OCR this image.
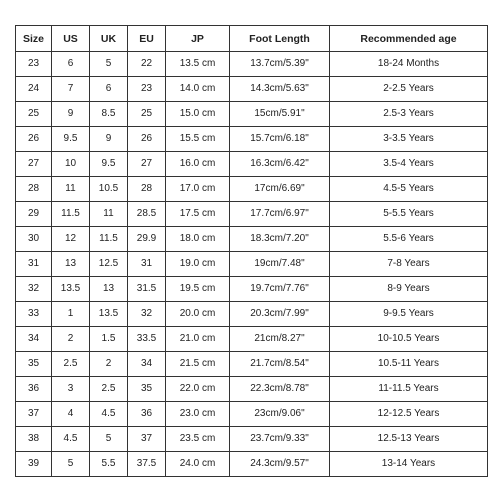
Size	US	UK	EU	JP	Foot Length	Recommended age
23	6	5	22	13.5 cm	13.7cm/5.39"	18-24 Months
24	7	6	23	14.0 cm	14.3cm/5.63"	2-2.5 Years
25	9	8.5	25	15.0 cm	15cm/5.91"	2.5-3 Years
26	9.5	9	26	15.5 cm	15.7cm/6.18"	3-3.5 Years
27	10	9.5	27	16.0 cm	16.3cm/6.42"	3.5-4 Years
28	11	10.5	28	17.0 cm	17cm/6.69"	4.5-5 Years
29	11.5	11	28.5	17.5 cm	17.7cm/6.97"	5-5.5 Years
30	12	11.5	29.9	18.0 cm	18.3cm/7.20"	5.5-6 Years
31	13	12.5	31	19.0 cm	19cm/7.48"	7-8 Years
32	13.5	13	31.5	19.5 cm	19.7cm/7.76"	8-9 Years
33	1	13.5	32	20.0 cm	20.3cm/7.99"	9-9.5 Years
34	2	1.5	33.5	21.0 cm	21cm/8.27"	10-10.5 Years
35	2.5	2	34	21.5 cm	21.7cm/8.54"	10.5-11 Years
36	3	2.5	35	22.0 cm	22.3cm/8.78"	11-11.5 Years
37	4	4.5	36	23.0 cm	23cm/9.06"	12-12.5 Years
38	4.5	5	37	23.5 cm	23.7cm/9.33"	12.5-13 Years
39	5	5.5	37.5	24.0 cm	24.3cm/9.57"	13-14 Years
